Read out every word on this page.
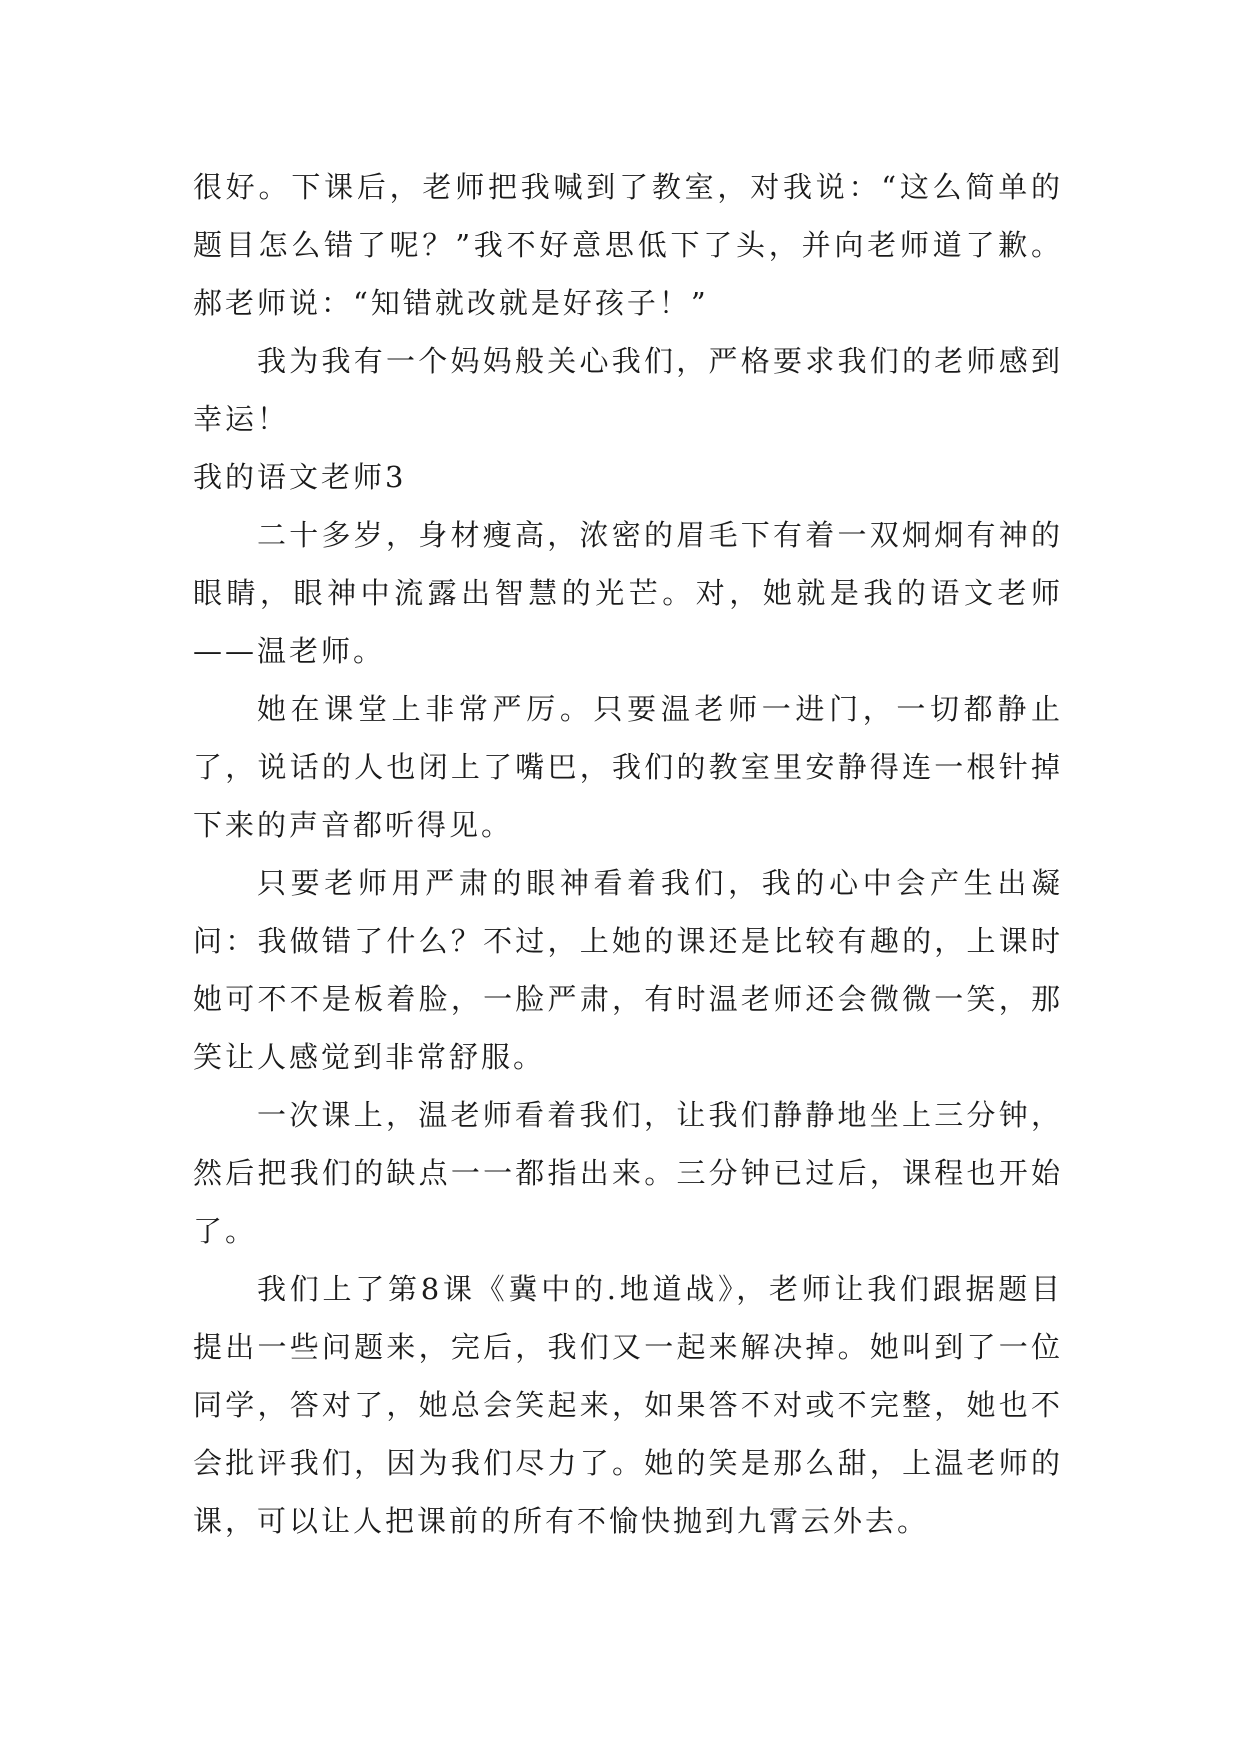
很好。下课后，老师把我喊到了教室，对我说：“这么简单的题目怎么错了呢？”我不好意思低下了头，并向老师道了歉。郝老师说：“知错就改就是好孩子！”

我为我有一个妈妈般关心我们，严格要求我们的老师感到幸运！

我的语文老师3

二十多岁，身材瘦高，浓密的眉毛下有着一双炯炯有神的眼睛，眼神中流露出智慧的光芒。对，她就是我的语文老师——温老师。

她在课堂上非常严厉。只要温老师一进门，一切都静止了，说话的人也闭上了嘴巴，我们的教室里安静得连一根针掉下来的声音都听得见。

只要老师用严肃的眼神看着我们，我的心中会产生出凝问：我做错了什么？不过，上她的课还是比较有趣的，上课时她可不不是板着脸，一脸严肃，有时温老师还会微微一笑，那笑让人感觉到非常舒服。

一次课上，温老师看着我们，让我们静静地坐上三分钟，然后把我们的缺点一一都指出来。三分钟已过后，课程也开始了。

我们上了第8课《冀中的.地道战》，老师让我们跟据题目提出一些问题来，完后，我们又一起来解决掉。她叫到了一位同学，答对了，她总会笑起来，如果答不对或不完整，她也不会批评我们，因为我们尽力了。她的笑是那么甜，上温老师的课，可以让人把课前的所有不愉快抛到九霄云外去。
